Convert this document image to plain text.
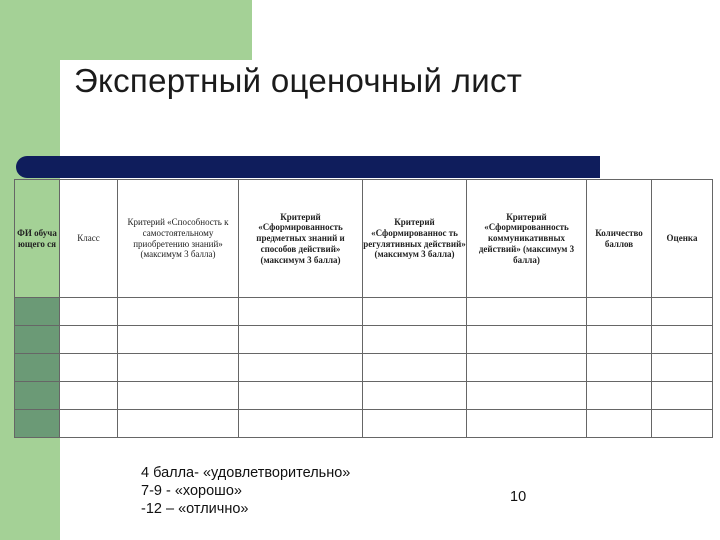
Экспертный оценочный лист
ФИ обуча ющего ся	Класс	Критерий «Способность к самостоятельному приобретению знаний» (максимум 3 балла)	Критерий «Сформированность предметных знаний и способов действий» (максимум 3 балла)	Критерий «Сформированнос ть регулятивных действий» (максимум 3 балла)	Критерий «Сформированность коммуникативных действий» (максимум 3 балла)	Количество баллов	Оценка

4 балла- «удовлетворительно»
7-9 - «хорошо»
-12 – «отлично»
10
